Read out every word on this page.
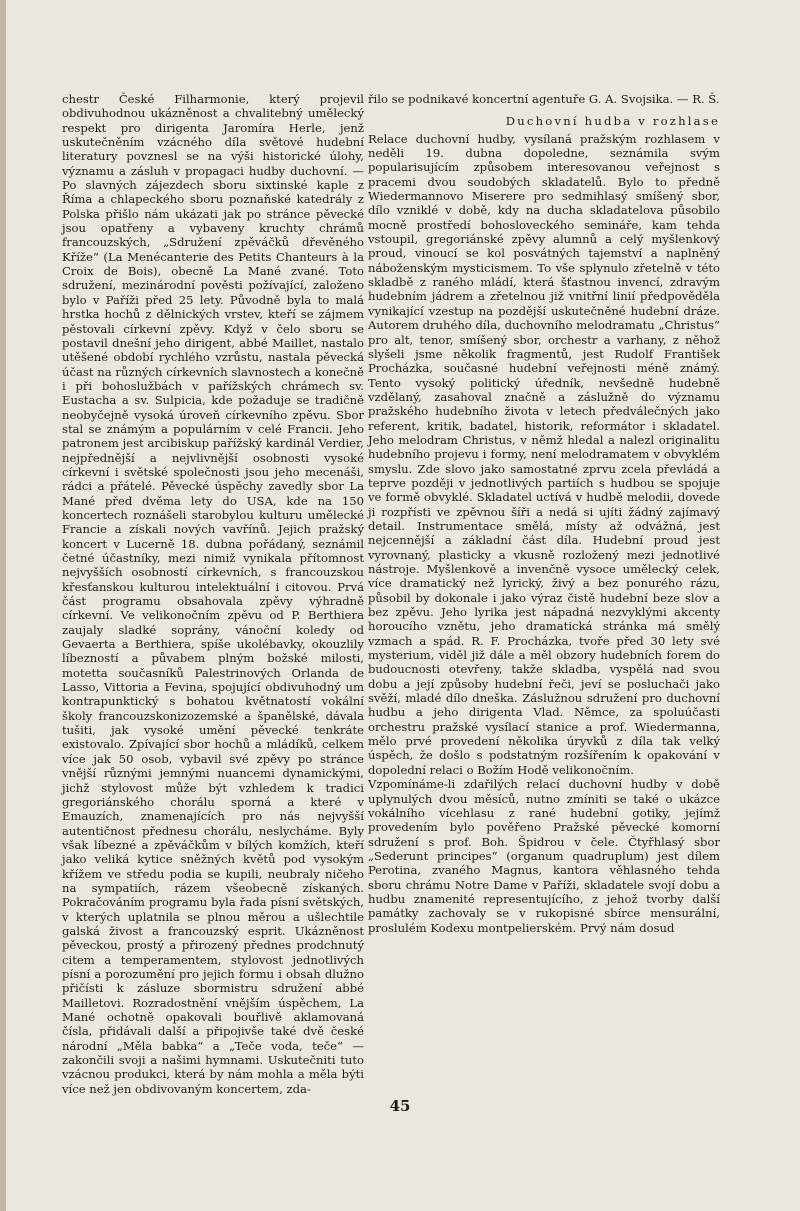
chestr České Filharmonie, který projevil obdivuhodnou ukázněnost a chvalitebný umělecký respekt pro dirigenta Jaromíra Herle, jenž uskutečněním vzácného díla světové hudební literatury povznesl se na výši historické úlohy, významu a zásluh v propagaci hudby duchovní. — Po slavných zájezdech sboru sixtinské kaple z Říma a chlapeckého sboru poznaňské katedrály z Polska přišlo nám ukázati jak po stránce pěvecké jsou opatřeny a vybaveny kruchty chrámů francouzských, „Sdružení zpěváčků dřevěného Kříže“ (La Menécanterie des Petits Chanteurs à la Croix de Bois), obecně La Mané zvané. Toto sdružení, mezinárodní pověsti požívající, založeno bylo v Paříži před 25 lety. Původně byla to malá hrstka hochů z dělnických vrstev, kteří se zájmem pěstovali církevní zpěvy. Když v čelo sboru se postavil dnešní jeho dirigent, abbé Maillet, nastalo utěšené období rychlého vzrůstu, nastala pěvecká účast na různých církevních slavnostech a konečně i při bohoslužbách v pařížských chrámech sv. Eustacha a sv. Sulpicia, kde požaduje se tradičně neobyčejně vysoká úroveň církevního zpěvu. Sbor stal se známým a populárním v celé Francii. Jeho patronem jest arcibiskup pařížský kardinál Verdier, nejpřednější a nejvlivnější osobnosti vysoké církevní i světské společnosti jsou jeho mecenáši, rádci a přátelé. Pěvecké úspěchy zavedly sbor La Mané před dvěma lety do USA, kde na 150 koncertech roznášeli starobylou kulturu umělecké Francie a získali nových vavřínů. Jejich pražský koncert v Lucerně 18. dubna pořádaný, seznámil četné účastníky, mezi nimiž vynikala přítomnost nejvyšších osobností církevních, s francouzskou křesťanskou kulturou intelektuální i citovou. Prvá část programu obsahovala zpěvy výhradně církevní. Ve velikonočním zpěvu od P. Berthiera zaujaly sladké soprány, vánoční koledy od Gevaerta a Berthiera, spíše ukolébavky, okouzlily líbezností a půvabem plným božské milosti, motetta současníků Palestrinových Orlanda de Lasso, Vittoria a Fevina, spojující obdivuhodný um kontrapunktický s bohatou květnatostí vokální školy francouzskonizozemské a španělské, dávala tušiti, jak vysoké umění pěvecké tenkráte existovalo. Zpívající sbor hochů a mládíků, celkem více jak 50 osob, vybavil své zpěvy po stránce vnější různými jemnými nuancemi dynamickými, jichž stylovost může být vzhledem k tradici gregoriánského chorálu sporná a které v Emauzích, znamenajících pro nás nejvyšší autentičnost přednesu chorálu, neslycháme. Byly však líbezné a zpěváčkům v bílých komžích, kteří jako veliká kytice sněžných květů pod vysokým křížem ve středu podia se kupili, neubraly ničeho na sympatiích, rázem všeobecně získaných. Pokračováním programu byla řada písní světských, v kterých uplatnila se plnou měrou a ušlechtile galská živost a francouzský esprit. Ukázněnost pěveckou, prostý a přirozený přednes prodchnutý citem a temperamentem, stylovost jednotlivých písní a porozumění pro jejich formu i obsah dlužno přičísti k zásluze sbormistru sdružení abbé Mailletovi. Rozradostnění vnějším úspěchem, La Mané ochotně opakovali bouřlivě aklamovaná čísla, přidávali další a připojivše také dvě české národní „Měla babka“ a „Teče voda, teče“ — zakončili svoji a našimi hymnami. Uskutečniti tuto vzácnou produkci, která by nám mohla a měla býti více než jen obdivovaným koncertem, zda-

řilo se podnikavé koncertní agentuře G. A. Svojsika. — R. Š.

Duchovní hudba v rozhlase

Relace duchovní hudby, vysílaná pražským rozhlasem v neděli 19. dubna dopoledne, seznámila svým popularisujícím způsobem interesovanou veřejnost s pracemi dvou soudobých skladatelů. Bylo to předně Wiedermannovo Miserere pro sedmihlasý smíšený sbor, dílo vzniklé v době, kdy na ducha skladatelova působilo mocně prostředí bohosloveckého semináře, kam tehda vstoupil, gregoriánské zpěvy alumnů a celý myšlenkový proud, vinoucí se kol posvátných tajemství a naplněný náboženským mysticismem. To vše splynulo zřetelně v této skladbě z raného mládí, která šťastnou invencí, zdravým hudebním jádrem a zřetelnou již vnitřní linií předpověděla vynikající vzestup na pozdější uskutečněné hudební dráze. Autorem druhého díla, duchovního melodramatu „Christus“ pro alt, tenor, smíšený sbor, orchestr a varhany, z něhož slyšeli jsme několik fragmentů, jest Rudolf František Procházka, současné hudební veřejnosti méně známý. Tento vysoký politický úředník, nevšedně hudebně vzdělaný, zasahoval značně a záslužně do významu pražského hudebního života v letech předválečných jako referent, kritik, badatel, historik, reformátor i skladatel. Jeho melodram Christus, v němž hledal a nalezl originalitu hudebního projevu i formy, není melodramatem v obvyklém smyslu. Zde slovo jako samostatné zprvu zcela převládá a teprve později v jednotlivých partiích s hudbou se spojuje ve formě obvyklé. Skladatel uctívá v hudbě melodii, dovede ji rozpřísti ve zpěvnou šíři a nedá si ujíti žádný zajímavý detail. Instrumentace smělá, místy až odvážná, jest nejcennější a základní část díla. Hudební proud jest vyrovnaný, plasticky a vkusně rozložený mezi jednotlivé nástroje. Myšlenkově a invenčně vysoce umělecký celek, více dramatický než lyrický, živý a bez ponurého rázu, působil by dokonale i jako výraz čistě hudební beze slov a bez zpěvu. Jeho lyrika jest nápadná nezvyklými akcenty horoucího vznětu, jeho dramatická stránka má smělý vzmach a spád. R. F. Procházka, tvoře před 30 lety své mysterium, viděl již dále a měl obzory hudebních forem do budoucnosti otevřeny, takže skladba, vyspělá nad svou dobu a její způsoby hudební řeči, jeví se posluchači jako svěží, mladé dílo dneška. Záslužnou sdružení pro duchovní hudbu a jeho dirigenta Vlad. Němce, za spoluúčasti orchestru pražské vysílací stanice a prof. Wiedermanna, mělo prvé provedení několika úryvků z díla tak velký úspěch, že došlo s podstatným rozšířením k opakování v dopolední relaci o Božím Hodě velikonočním.

Vzpomínáme-li zdařilých relací duchovní hudby v době uplynulých dvou měsíců, nutno zmíniti se také o ukázce vokálního vícehlasu z rané hudební gotiky, jejímž provedením bylo pověřeno Pražské pěvecké komorní sdružení s prof. Boh. Špidrou v čele. Čtyřhlasý sbor „Sederunt principes“ (organum quadruplum) jest dílem Perotina, zvaného Magnus, kantora věhlasného tehda sboru chrámu Notre Dame v Paříži, skladatele svojí dobu a hudbu znamenité representujícího, z jehož tvorby další památky zachovaly se v rukopisné sbírce mensurální, proslulém Kodexu montpelierském. Prvý nám dosud

45
